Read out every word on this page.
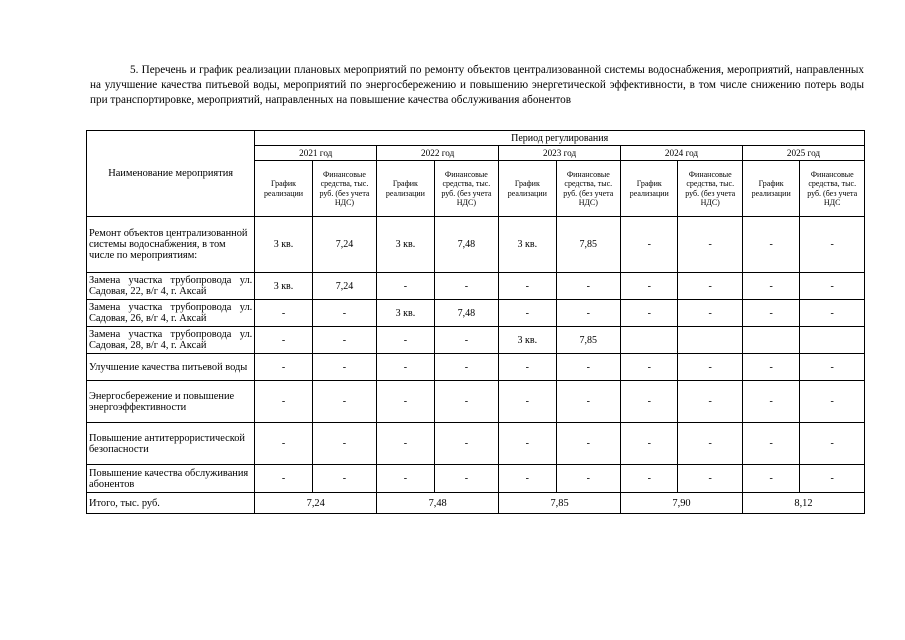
5. Перечень и график реализации плановых мероприятий по ремонту объектов централизованной системы водоснабжения, мероприятий, направленных на улучшение качества питьевой воды, мероприятий по энергосбережению и повышению энергетической эффективности, в том числе снижению потерь воды при транспортировке, мероприятий, направленных на повышение качества обслуживания абонентов

Наименование мероприятия	Период регулирования									
	2021 год		2022 год		2023 год		2024 год		2025 год	
	График реализации	Финансовые средства, тыс. руб. (без учета НДС)	График реализации	Финансовые средства, тыс. руб. (без учета НДС)	График реализации	Финансовые средства, тыс. руб. (без учета НДС)	График реализации	Финансовые средства, тыс. руб. (без учета НДС)	График реализации	Финансовые средства, тыс. руб. (без учета НДС
Ремонт объектов централизованной системы водоснабжения, в том числе по мероприятиям:	3 кв.	7,24	3 кв.	7,48	3 кв.	7,85	-	-	-	-
Замена участка трубопровода ул. Садовая, 22, в/г 4, г. Аксай	3 кв.	7,24	-	-	-	-	-	-	-	-
Замена участка трубопровода ул. Садовая, 26, в/г 4, г. Аксай	-	-	3 кв.	7,48	-	-	-	-	-	-
Замена участка трубопровода ул. Садовая, 28, в/г 4, г. Аксай	-	-	-	-	3 кв.	7,85				
Улучшение качества питьевой воды	-	-	-	-	-	-	-	-	-	-
Энергосбережение и повышение энергоэффективности	-	-	-	-	-	-	-	-	-	-
Повышение антитеррористической безопасности	-	-	-	-	-	-	-	-	-	-
Повышение качества обслуживания абонентов	-	-	-	-	-	-	-	-	-	-
Итого, тыс. руб.	7,24		7,48		7,85		7,90		8,12	
